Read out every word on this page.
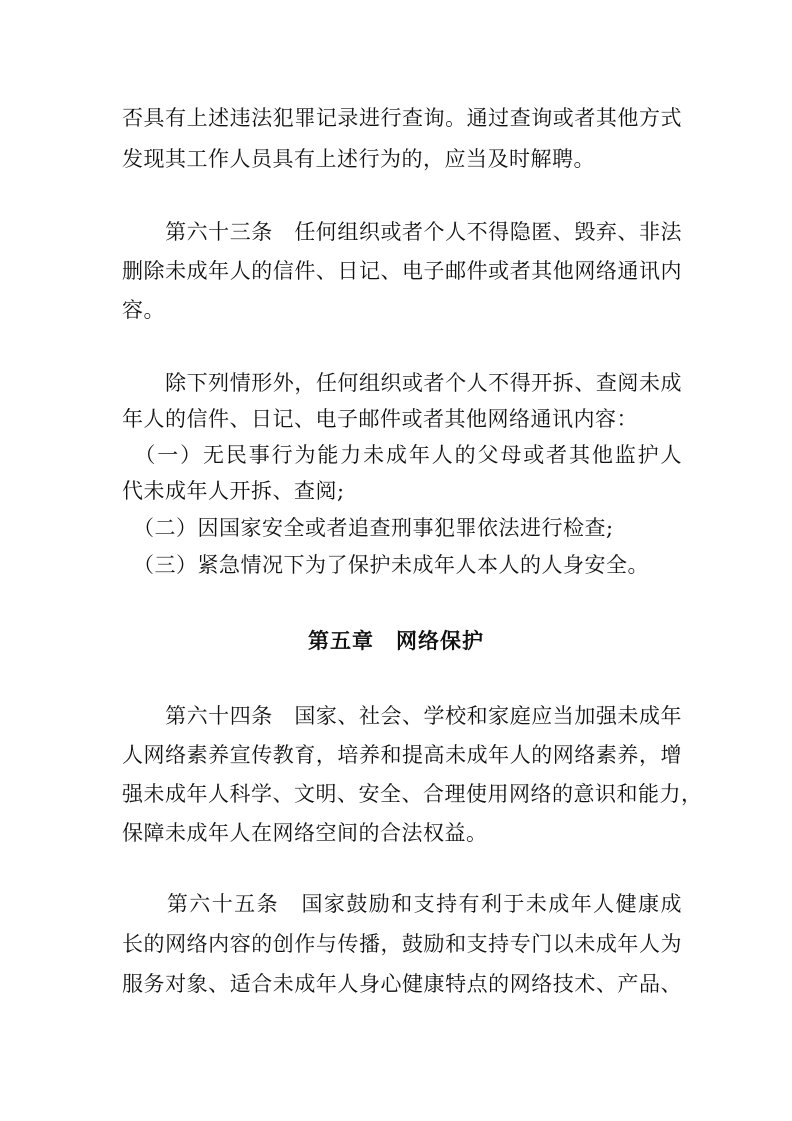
否具有上述违法犯罪记录进行查询。通过查询或者其他方式
发现其工作人员具有上述行为的，应当及时解聘。
　　第六十三条　任何组织或者个人不得隐匿、毁弃、非法
删除未成年人的信件、日记、电子邮件或者其他网络通讯内
容。
　　除下列情形外，任何组织或者个人不得开拆、查阅未成
年人的信件、日记、电子邮件或者其他网络通讯内容：
　（一）无民事行为能力未成年人的父母或者其他监护人
代未成年人开拆、查阅;
　（二）因国家安全或者追查刑事犯罪依法进行检查;
　（三）紧急情况下为了保护未成年人本人的人身安全。
第五章　网络保护
　　第六十四条　国家、社会、学校和家庭应当加强未成年
人网络素养宣传教育，培养和提高未成年人的网络素养，增
强未成年人科学、文明、安全、合理使用网络的意识和能力，
保障未成年人在网络空间的合法权益。
　　第六十五条　国家鼓励和支持有利于未成年人健康成
长的网络内容的创作与传播，鼓励和支持专门以未成年人为
服务对象、适合未成年人身心健康特点的网络技术、产品、
